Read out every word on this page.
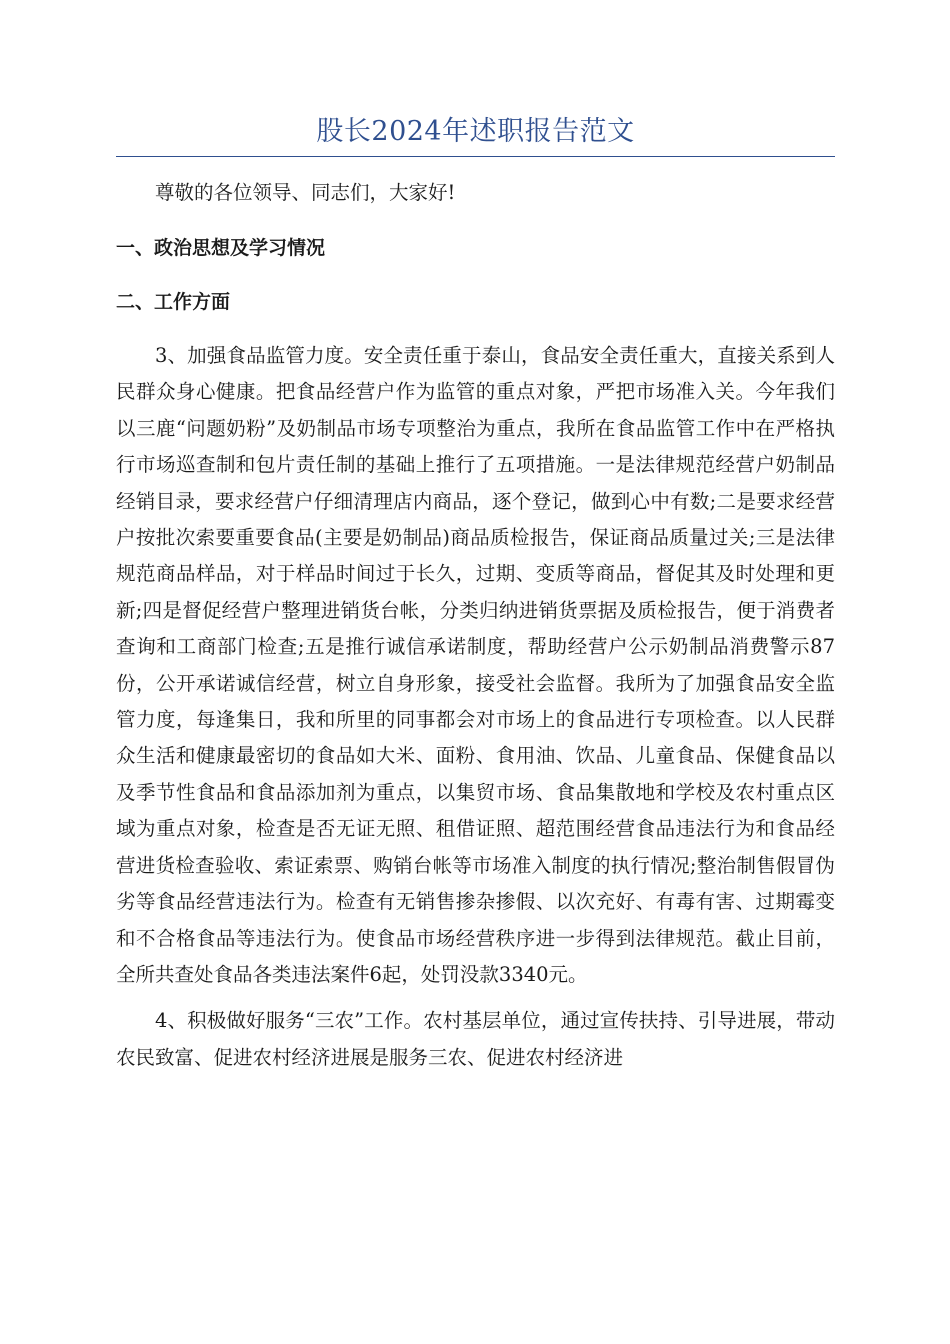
股长2024年述职报告范文

尊敬的各位领导、同志们，大家好!

一、政治思想及学习情况
二、工作方面

3、加强食品监管力度。安全责任重于泰山，食品安全责任重大，直接关系到人民群众身心健康。把食品经营户作为监管的重点对象，严把市场准入关。今年我们以三鹿“问题奶粉”及奶制品市场专项整治为重点，我所在食品监管工作中在严格执行市场巡查制和包片责任制的基础上推行了五项措施。一是法律规范经营户奶制品经销目录，要求经营户仔细清理店内商品，逐个登记，做到心中有数;二是要求经营户按批次索要重要食品(主要是奶制品)商品质检报告，保证商品质量过关;三是法律规范商品样品，对于样品时间过于长久，过期、变质等商品，督促其及时处理和更新;四是督促经营户整理进销货台帐，分类归纳进销货票据及质检报告，便于消费者查询和工商部门检查;五是推行诚信承诺制度，帮助经营户公示奶制品消费警示87份，公开承诺诚信经营，树立自身形象，接受社会监督。我所为了加强食品安全监管力度，每逢集日，我和所里的同事都会对市场上的食品进行专项检查。以人民群众生活和健康最密切的食品如大米、面粉、食用油、饮品、儿童食品、保健食品以及季节性食品和食品添加剂为重点，以集贸市场、食品集散地和学校及农村重点区域为重点对象，检查是否无证无照、租借证照、超范围经营食品违法行为和食品经营进货检查验收、索证索票、购销台帐等市场准入制度的执行情况;整治制售假冒伪劣等食品经营违法行为。检查有无销售掺杂掺假、以次充好、有毒有害、过期霉变和不合格食品等违法行为。使食品市场经营秩序进一步得到法律规范。截止目前，全所共查处食品各类违法案件6起，处罚没款3340元。

4、积极做好服务“三农”工作。农村基层单位，通过宣传扶持、引导进展，带动农民致富、促进农村经济进展是服务三农、促进农村经济进
